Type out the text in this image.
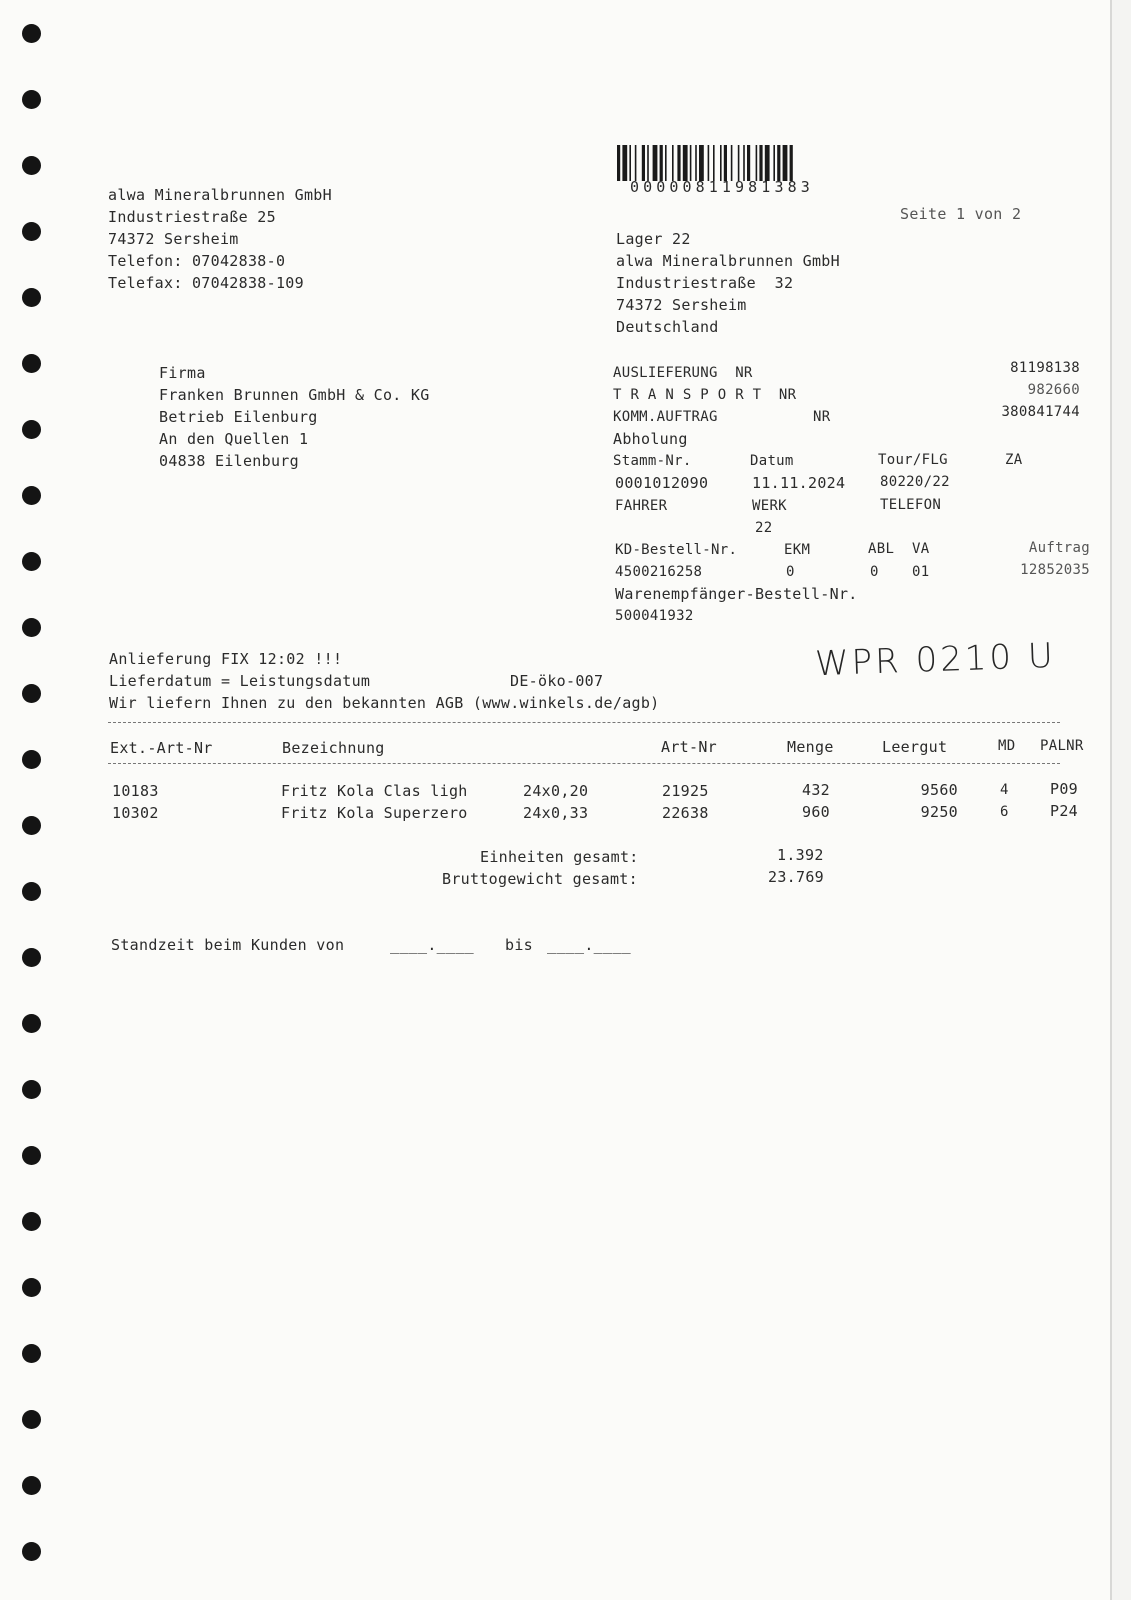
000008119813​83
Seite 1 von 2
alwa Mineralbrunnen GmbH
Industriestraße 25
74372 Sersheim
Telefon: 07042838-0
Telefax: 07042838-109
Lager 22
alwa Mineralbrunnen GmbH
Industriestraße  32
74372 Sersheim
Deutschland
Firma
Franken Brunnen GmbH & Co. KG
Betrieb Eilenburg
An den Quellen 1
04838 Eilenburg
AUSLIEFERUNG  NR	81198138
T R A N S P O R T  NR	982660
KOMM.AUFTRAG	NR	380841744
Abholung
Stamm-Nr.	Datum	Tour/FLG	ZA
0001012090	11.11.2024 80220/22
FAHRER	WERK	TELEFON
22
KD-Bestell-Nr.	EKM	ABL VA	Auftrag
4500216258	0	0 01	12852035
Warenempfänger-Bestell-Nr.
500041932
Anlieferung FIX 12:02 !!!
Lieferdatum = Leistungsdatum	DE-öko-007
Wir liefern Ihnen zu den bekannten AGB (www.winkels.de/agb)
WPR 0210 U
Ext.-Art-Nr	Bezeichnung	Art-Nr	Menge	Leergut	MD PALNR
10183	Fritz Kola Clas ligh	24x0,20	21925	432	9560	4	P09
10302	Fritz Kola Superzero	24x0,33	22638	960	9250	6	P24
Einheiten gesamt:	1.392
Bruttogewicht gesamt:	23.769
Standzeit beim Kunden von	____.____ bis ____.____
